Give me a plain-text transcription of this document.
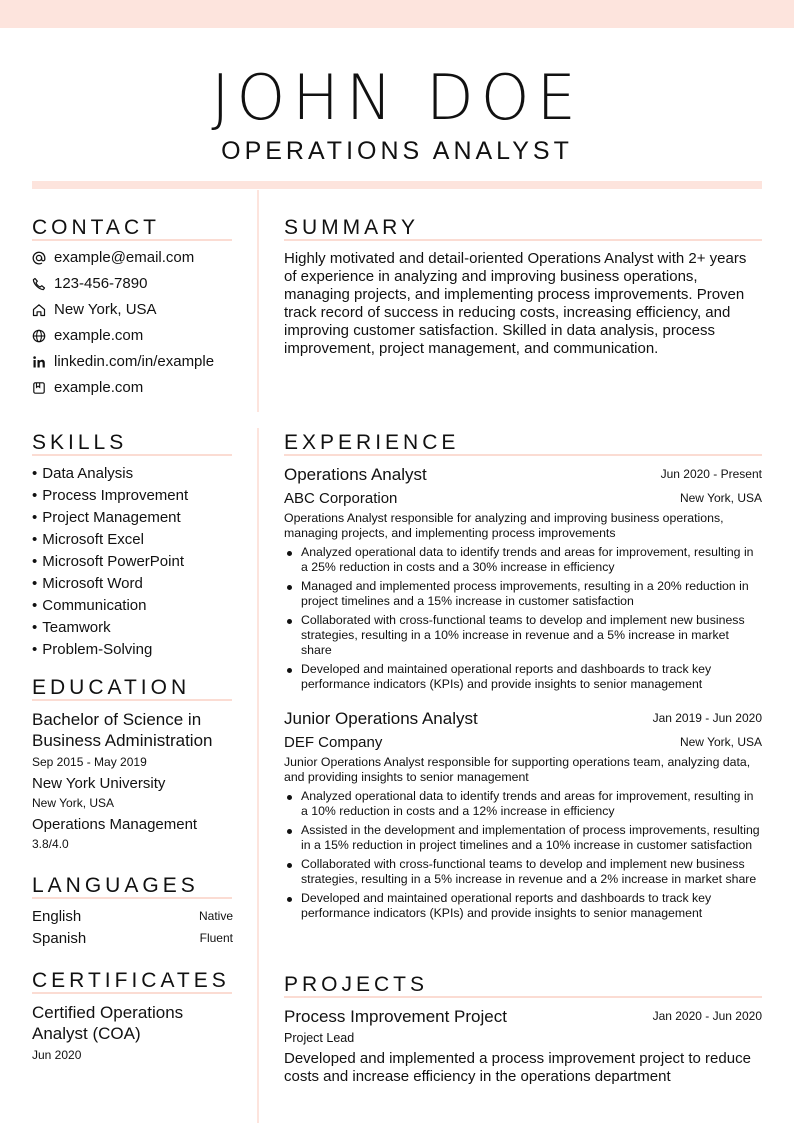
JOHN DOE
OPERATIONS ANALYST
CONTACT
example@email.com
123-456-7890
New York, USA
example.com
linkedin.com/in/example
example.com
SUMMARY
Highly motivated and detail-oriented Operations Analyst with 2+ years of experience in analyzing and improving business operations, managing projects, and implementing process improvements. Proven track record of success in reducing costs, increasing efficiency, and improving customer satisfaction. Skilled in data analysis, process improvement, project management, and communication.
SKILLS
• Data Analysis
• Process Improvement
• Project Management
• Microsoft Excel
• Microsoft PowerPoint
• Microsoft Word
• Communication
• Teamwork
• Problem-Solving
EDUCATION
Bachelor of Science in Business Administration
Sep 2015 - May 2019
New York University
New York, USA
Operations Management
3.8/4.0
LANGUAGES
English	Native
Spanish	Fluent
CERTIFICATES
Certified Operations Analyst (COA)
Jun 2020
EXPERIENCE
Operations Analyst	Jun 2020 - Present
ABC Corporation	New York, USA
Operations Analyst responsible for analyzing and improving business operations, managing projects, and implementing process improvements
Analyzed operational data to identify trends and areas for improvement, resulting in a 25% reduction in costs and a 30% increase in efficiency
Managed and implemented process improvements, resulting in a 20% reduction in project timelines and a 15% increase in customer satisfaction
Collaborated with cross-functional teams to develop and implement new business strategies, resulting in a 10% increase in revenue and a 5% increase in market share
Developed and maintained operational reports and dashboards to track key performance indicators (KPIs) and provide insights to senior management
Junior Operations Analyst	Jan 2019 - Jun 2020
DEF Company	New York, USA
Junior Operations Analyst responsible for supporting operations team, analyzing data, and providing insights to senior management
Analyzed operational data to identify trends and areas for improvement, resulting in a 10% reduction in costs and a 12% increase in efficiency
Assisted in the development and implementation of process improvements, resulting in a 15% reduction in project timelines and a 10% increase in customer satisfaction
Collaborated with cross-functional teams to develop and implement new business strategies, resulting in a 5% increase in revenue and a 2% increase in market share
Developed and maintained operational reports and dashboards to track key performance indicators (KPIs) and provide insights to senior management
PROJECTS
Process Improvement Project	Jan 2020 - Jun 2020
Project Lead
Developed and implemented a process improvement project to reduce costs and increase efficiency in the operations department
